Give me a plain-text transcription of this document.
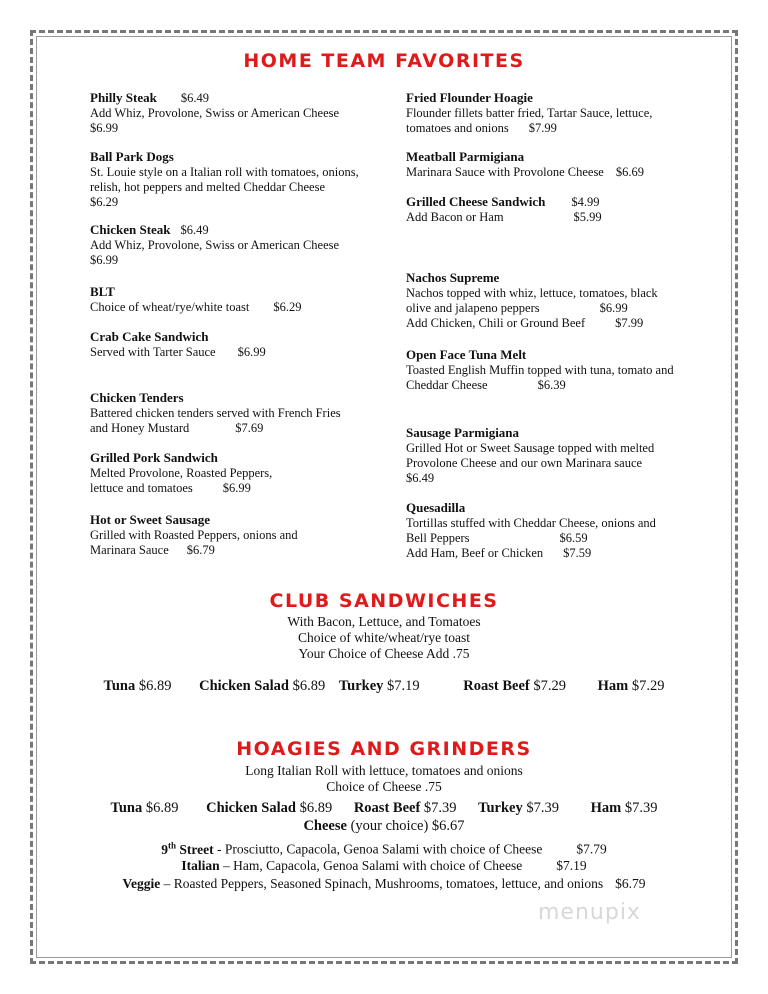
HOME TEAM FAVORITES
Philly Steak $6.49
Add Whiz, Provolone, Swiss or American Cheese
$6.99
Ball Park Dogs
St. Louie style on a Italian roll with tomatoes, onions, relish, hot peppers and melted Cheddar Cheese
$6.29
Chicken Steak $6.49
Add Whiz, Provolone, Swiss or American Cheese
$6.99
BLT
Choice of wheat/rye/white toast $6.29
Crab Cake Sandwich
Served with Tarter Sauce $6.99
Chicken Tenders
Battered chicken tenders served with French Fries and Honey Mustard	$7.69
Grilled Pork Sandwich
Melted Provolone, Roasted Peppers, lettuce and tomatoes $6.99
Hot or Sweet Sausage
Grilled with Roasted Peppers, onions and Marinara Sauce $6.79
Fried Flounder Hoagie
Flounder fillets batter fried, Tartar Sauce, lettuce, tomatoes and onions $7.99
Meatball Parmigiana
Marinara Sauce with Provolone Cheese $6.69
Grilled Cheese Sandwich $4.99
Add Bacon or Ham	$5.99
Nachos Supreme
Nachos topped with whiz, lettuce, tomatoes, black olive and jalapeno peppers	$6.99
Add Chicken, Chili or Ground Beef $7.99
Open Face Tuna Melt
Toasted English Muffin topped with tuna, tomato and Cheddar Cheese	$6.39
Sausage Parmigiana
Grilled Hot or Sweet Sausage topped with melted Provolone Cheese and our own Marinara sauce
$6.49
Quesadilla
Tortillas stuffed with Cheddar Cheese, onions and Bell Peppers	$6.59
Add Ham, Beef or Chicken $7.59
CLUB SANDWICHES
With Bacon, Lettuce, and Tomatoes
Choice of white/wheat/rye toast
Your Choice of Cheese Add .75
Tuna $6.89 Chicken Salad $6.89 Turkey $7.19	Roast Beef $7.29 Ham $7.29
HOAGIES AND GRINDERS
Long Italian Roll with lettuce, tomatoes and onions
Choice of Cheese .75
Tuna $6.89 Chicken Salad $6.89 Roast Beef $7.39 Turkey $7.39 Ham $7.39
Cheese (your choice) $6.67
9th Street - Prosciutto, Capacola, Genoa Salami with choice of Cheese	$7.79
Italian – Ham, Capacola, Genoa Salami with choice of Cheese	$7.19
Veggie – Roasted Peppers, Seasoned Spinach, Mushrooms, tomatoes, lettuce, and onions $6.79
menupix
